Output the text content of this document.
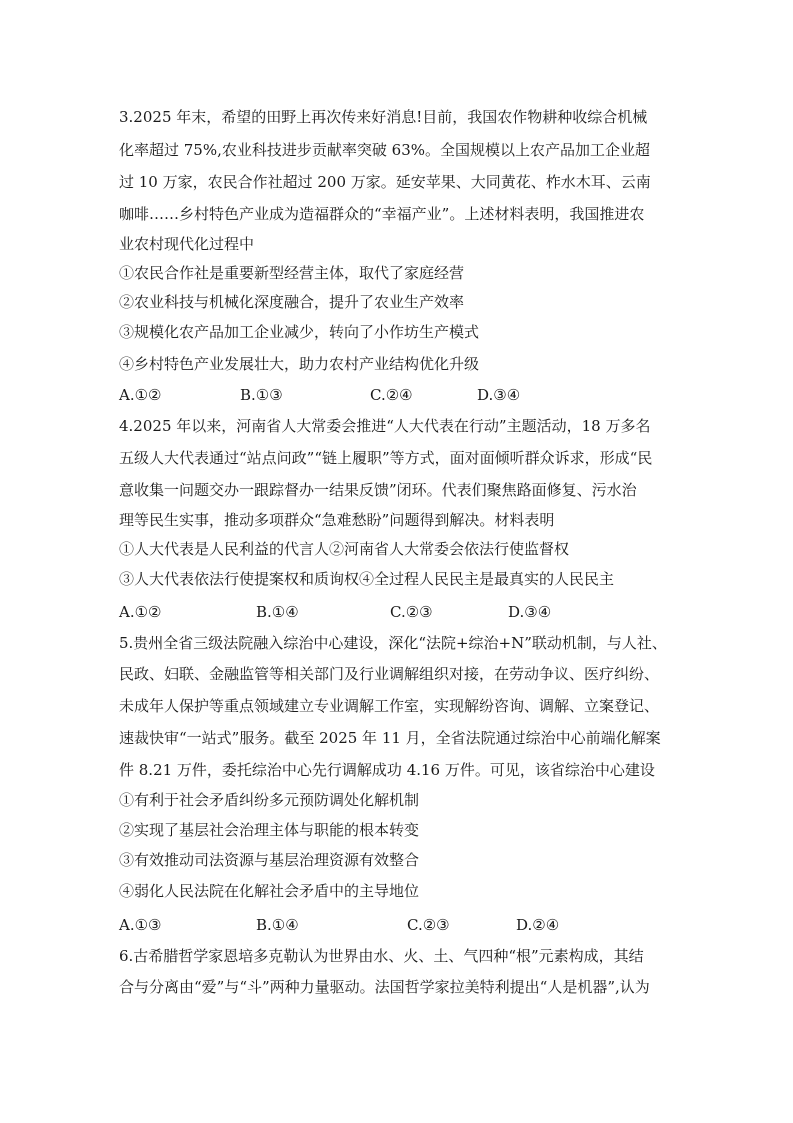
3.2025 年末，希望的田野上再次传来好消息!目前，我国农作物耕种收综合机械
化率超过 75%,农业科技进步贡献率突破 63%。全国规模以上农产品加工企业超
过 10 万家，农民合作社超过 200 万家。延安苹果、大同黄花、柞水木耳、云南
咖啡……乡村特色产业成为造福群众的“幸福产业”。上述材料表明，我国推进农
业农村现代化过程中
①农民合作社是重要新型经营主体，取代了家庭经营
②农业科技与机械化深度融合，提升了农业生产效率
③规模化农产品加工企业减少，转向了小作坊生产模式
④乡村特色产业发展壮大，助力农村产业结构优化升级
A.①②	B.①③	C.②④	D.③④
4.2025 年以来，河南省人大常委会推进“人大代表在行动”主题活动，18 万多名
五级人大代表通过“站点问政”“链上履职”等方式，面对面倾听群众诉求，形成“民
意收集一问题交办一跟踪督办一结果反馈”闭环。代表们聚焦路面修复、污水治
理等民生实事，推动多项群众“急难愁盼”问题得到解决。材料表明
①人大代表是人民利益的代言人②河南省人大常委会依法行使监督权
③人大代表依法行使提案权和质询权④全过程人民民主是最真实的人民民主
A.①②	B.①④	C.②③	D.③④
5.贵州全省三级法院融入综治中心建设，深化“法院+综治+N”联动机制，与人社、
民政、妇联、金融监管等相关部门及行业调解组织对接，在劳动争议、医疗纠纷、
未成年人保护等重点领域建立专业调解工作室，实现解纷咨询、调解、立案登记、
速裁快审“一站式”服务。截至 2025 年 11 月，全省法院通过综治中心前端化解案
件 8.21 万件，委托综治中心先行调解成功 4.16 万件。可见，该省综治中心建设
①有利于社会矛盾纠纷多元预防调处化解机制
②实现了基层社会治理主体与职能的根本转变
③有效推动司法资源与基层治理资源有效整合
④弱化人民法院在化解社会矛盾中的主导地位
A.①③	B.①④	C.②③	D.②④
6.古希腊哲学家恩培多克勒认为世界由水、火、土、气四种“根”元素构成，其结
合与分离由“爱”与“斗”两种力量驱动。法国哲学家拉美特利提出“人是机器”,认为
